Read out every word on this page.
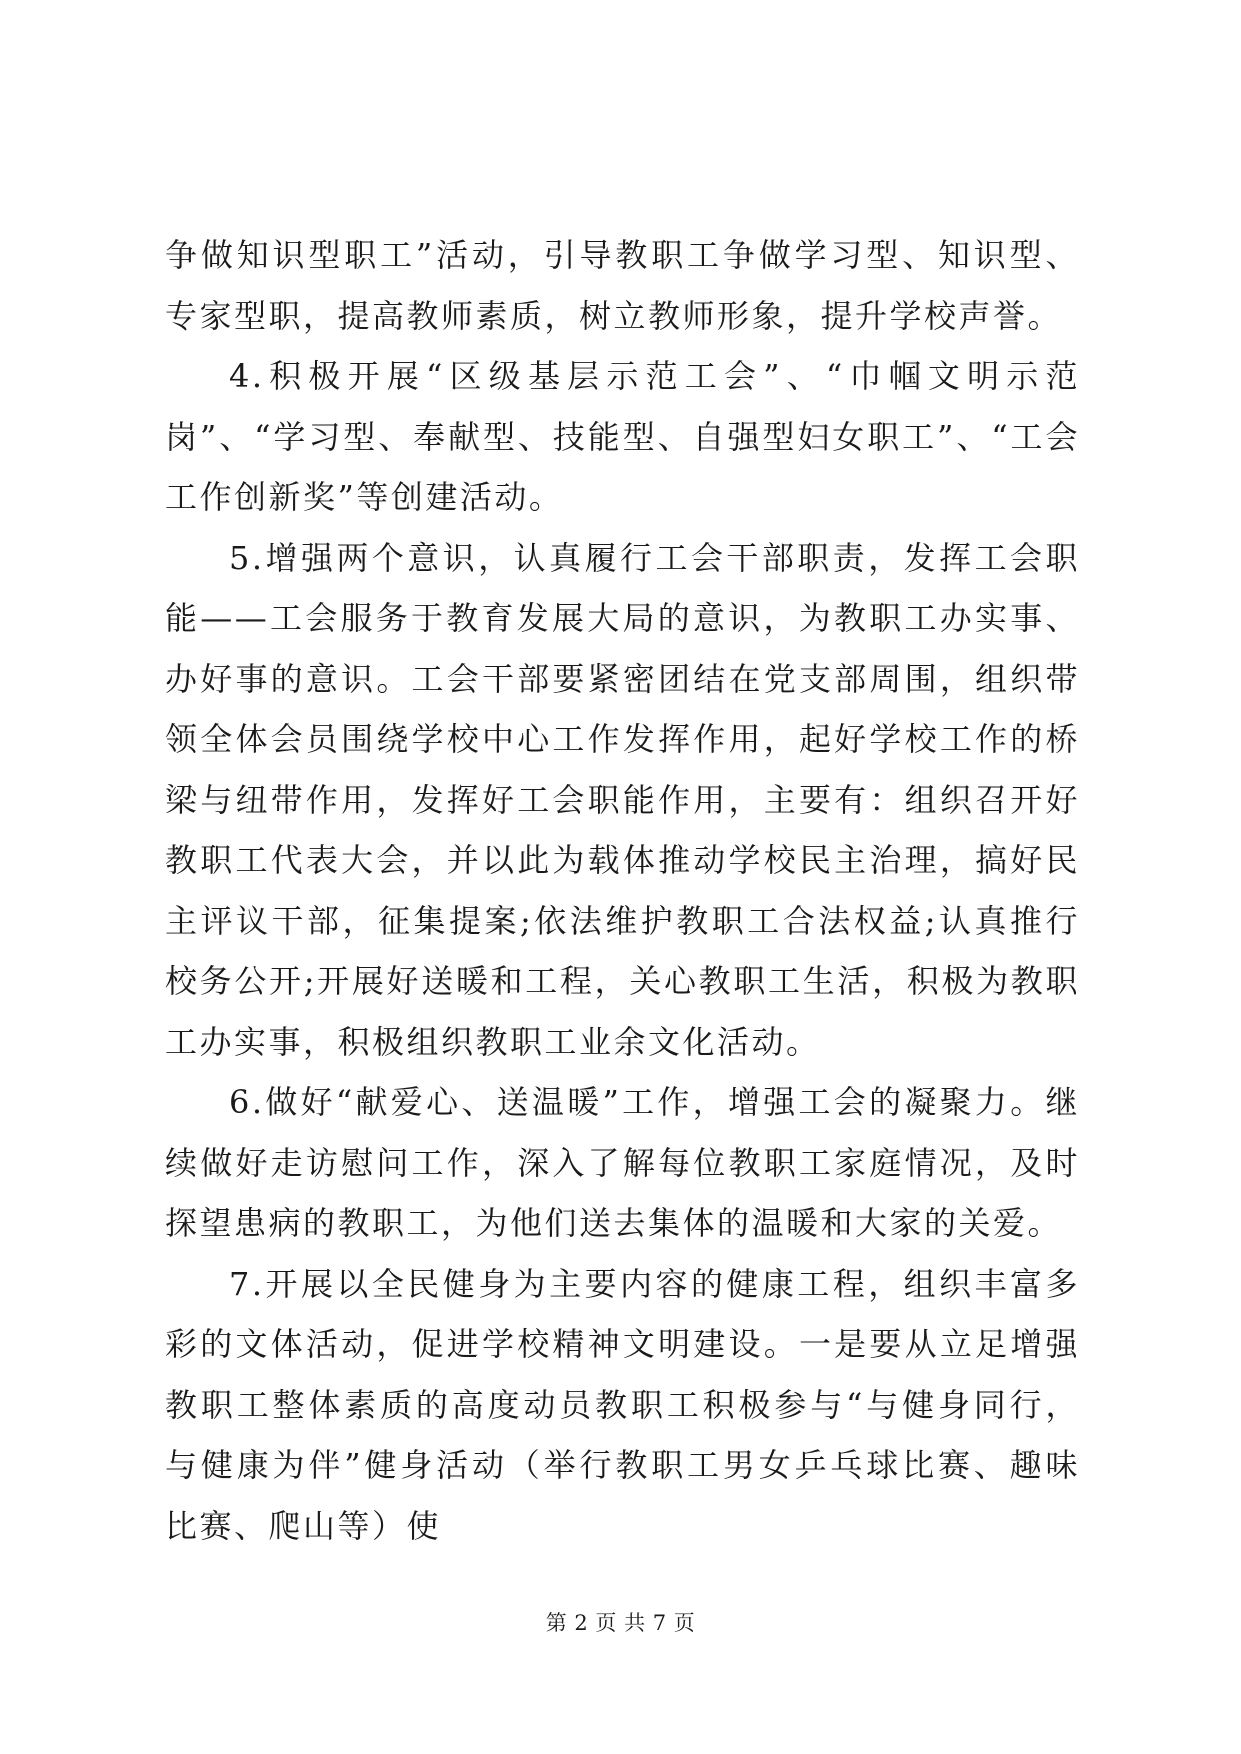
争做知识型职工”活动，引导教职工争做学习型、知识型、专家型职，提高教师素质，树立教师形象，提升学校声誉。

4.积极开展“区级基层示范工会”、“巾帼文明示范岗”、“学习型、奉献型、技能型、自强型妇女职工”、“工会工作创新奖”等创建活动。

5.增强两个意识，认真履行工会干部职责，发挥工会职能——工会服务于教育发展大局的意识，为教职工办实事、办好事的意识。工会干部要紧密团结在党支部周围，组织带领全体会员围绕学校中心工作发挥作用，起好学校工作的桥梁与纽带作用，发挥好工会职能作用，主要有：组织召开好教职工代表大会，并以此为载体推动学校民主治理，搞好民主评议干部，征集提案;依法维护教职工合法权益;认真推行校务公开;开展好送暖和工程，关心教职工生活，积极为教职工办实事，积极组织教职工业余文化活动。

6.做好“献爱心、送温暖”工作，增强工会的凝聚力。继续做好走访慰问工作，深入了解每位教职工家庭情况，及时探望患病的教职工，为他们送去集体的温暖和大家的关爱。

7.开展以全民健身为主要内容的健康工程，组织丰富多彩的文体活动，促进学校精神文明建设。一是要从立足增强教职工整体素质的高度动员教职工积极参与“与健身同行，与健康为伴”健身活动（举行教职工男女乒乓球比赛、趣味比赛、爬山等）使

第 2 页 共 7 页
